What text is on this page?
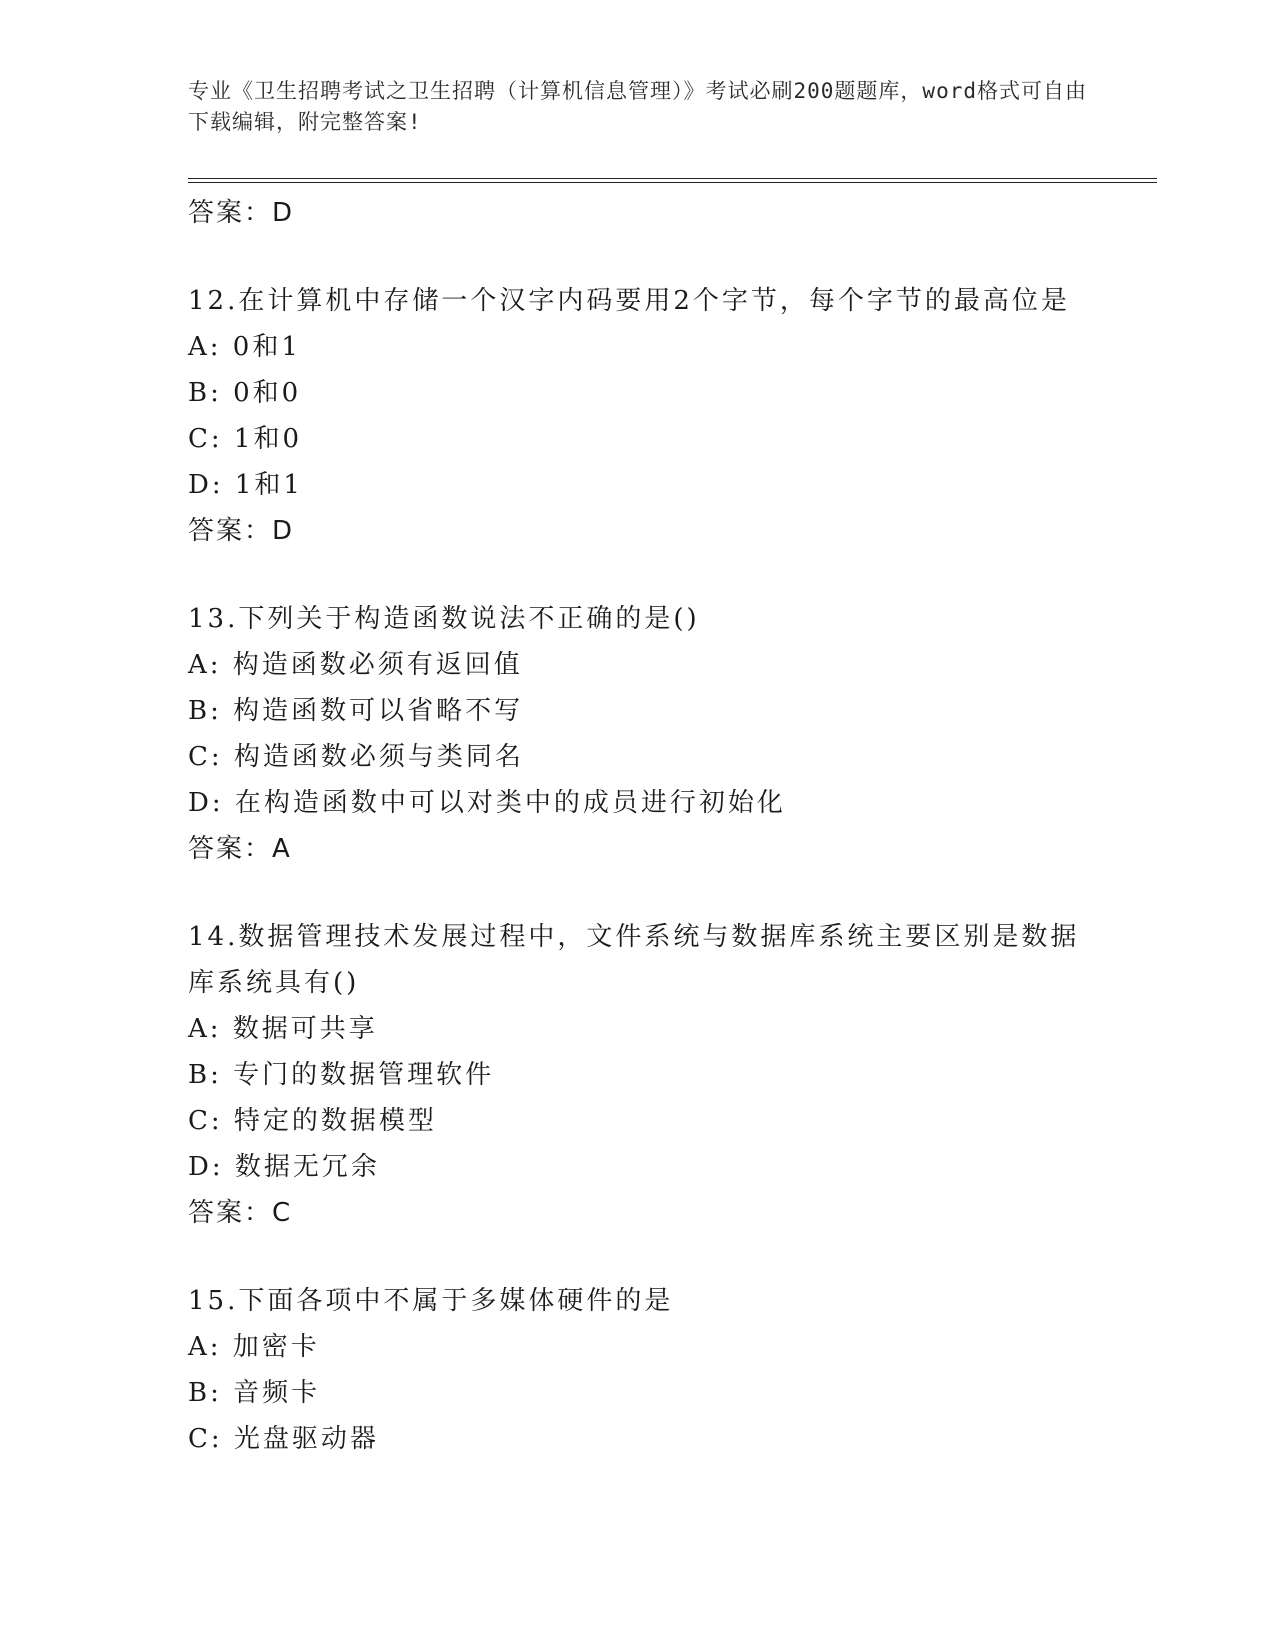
专业《卫生招聘考试之卫生招聘（计算机信息管理）》考试必刷200题题库，word格式可自由下载编辑，附完整答案!
答案：D
12.在计算机中存储一个汉字内码要用2个字节，每个字节的最高位是
A: 0和1
B: 0和0
C: 1和0
D: 1和1
答案：D
13.下列关于构造函数说法不正确的是()
A: 构造函数必须有返回值
B: 构造函数可以省略不写
C: 构造函数必须与类同名
D: 在构造函数中可以对类中的成员进行初始化
答案：A
14.数据管理技术发展过程中，文件系统与数据库系统主要区别是数据库系统具有()
A: 数据可共享
B: 专门的数据管理软件
C: 特定的数据模型
D: 数据无冗余
答案：C
15.下面各项中不属于多媒体硬件的是
A: 加密卡
B: 音频卡
C: 光盘驱动器
